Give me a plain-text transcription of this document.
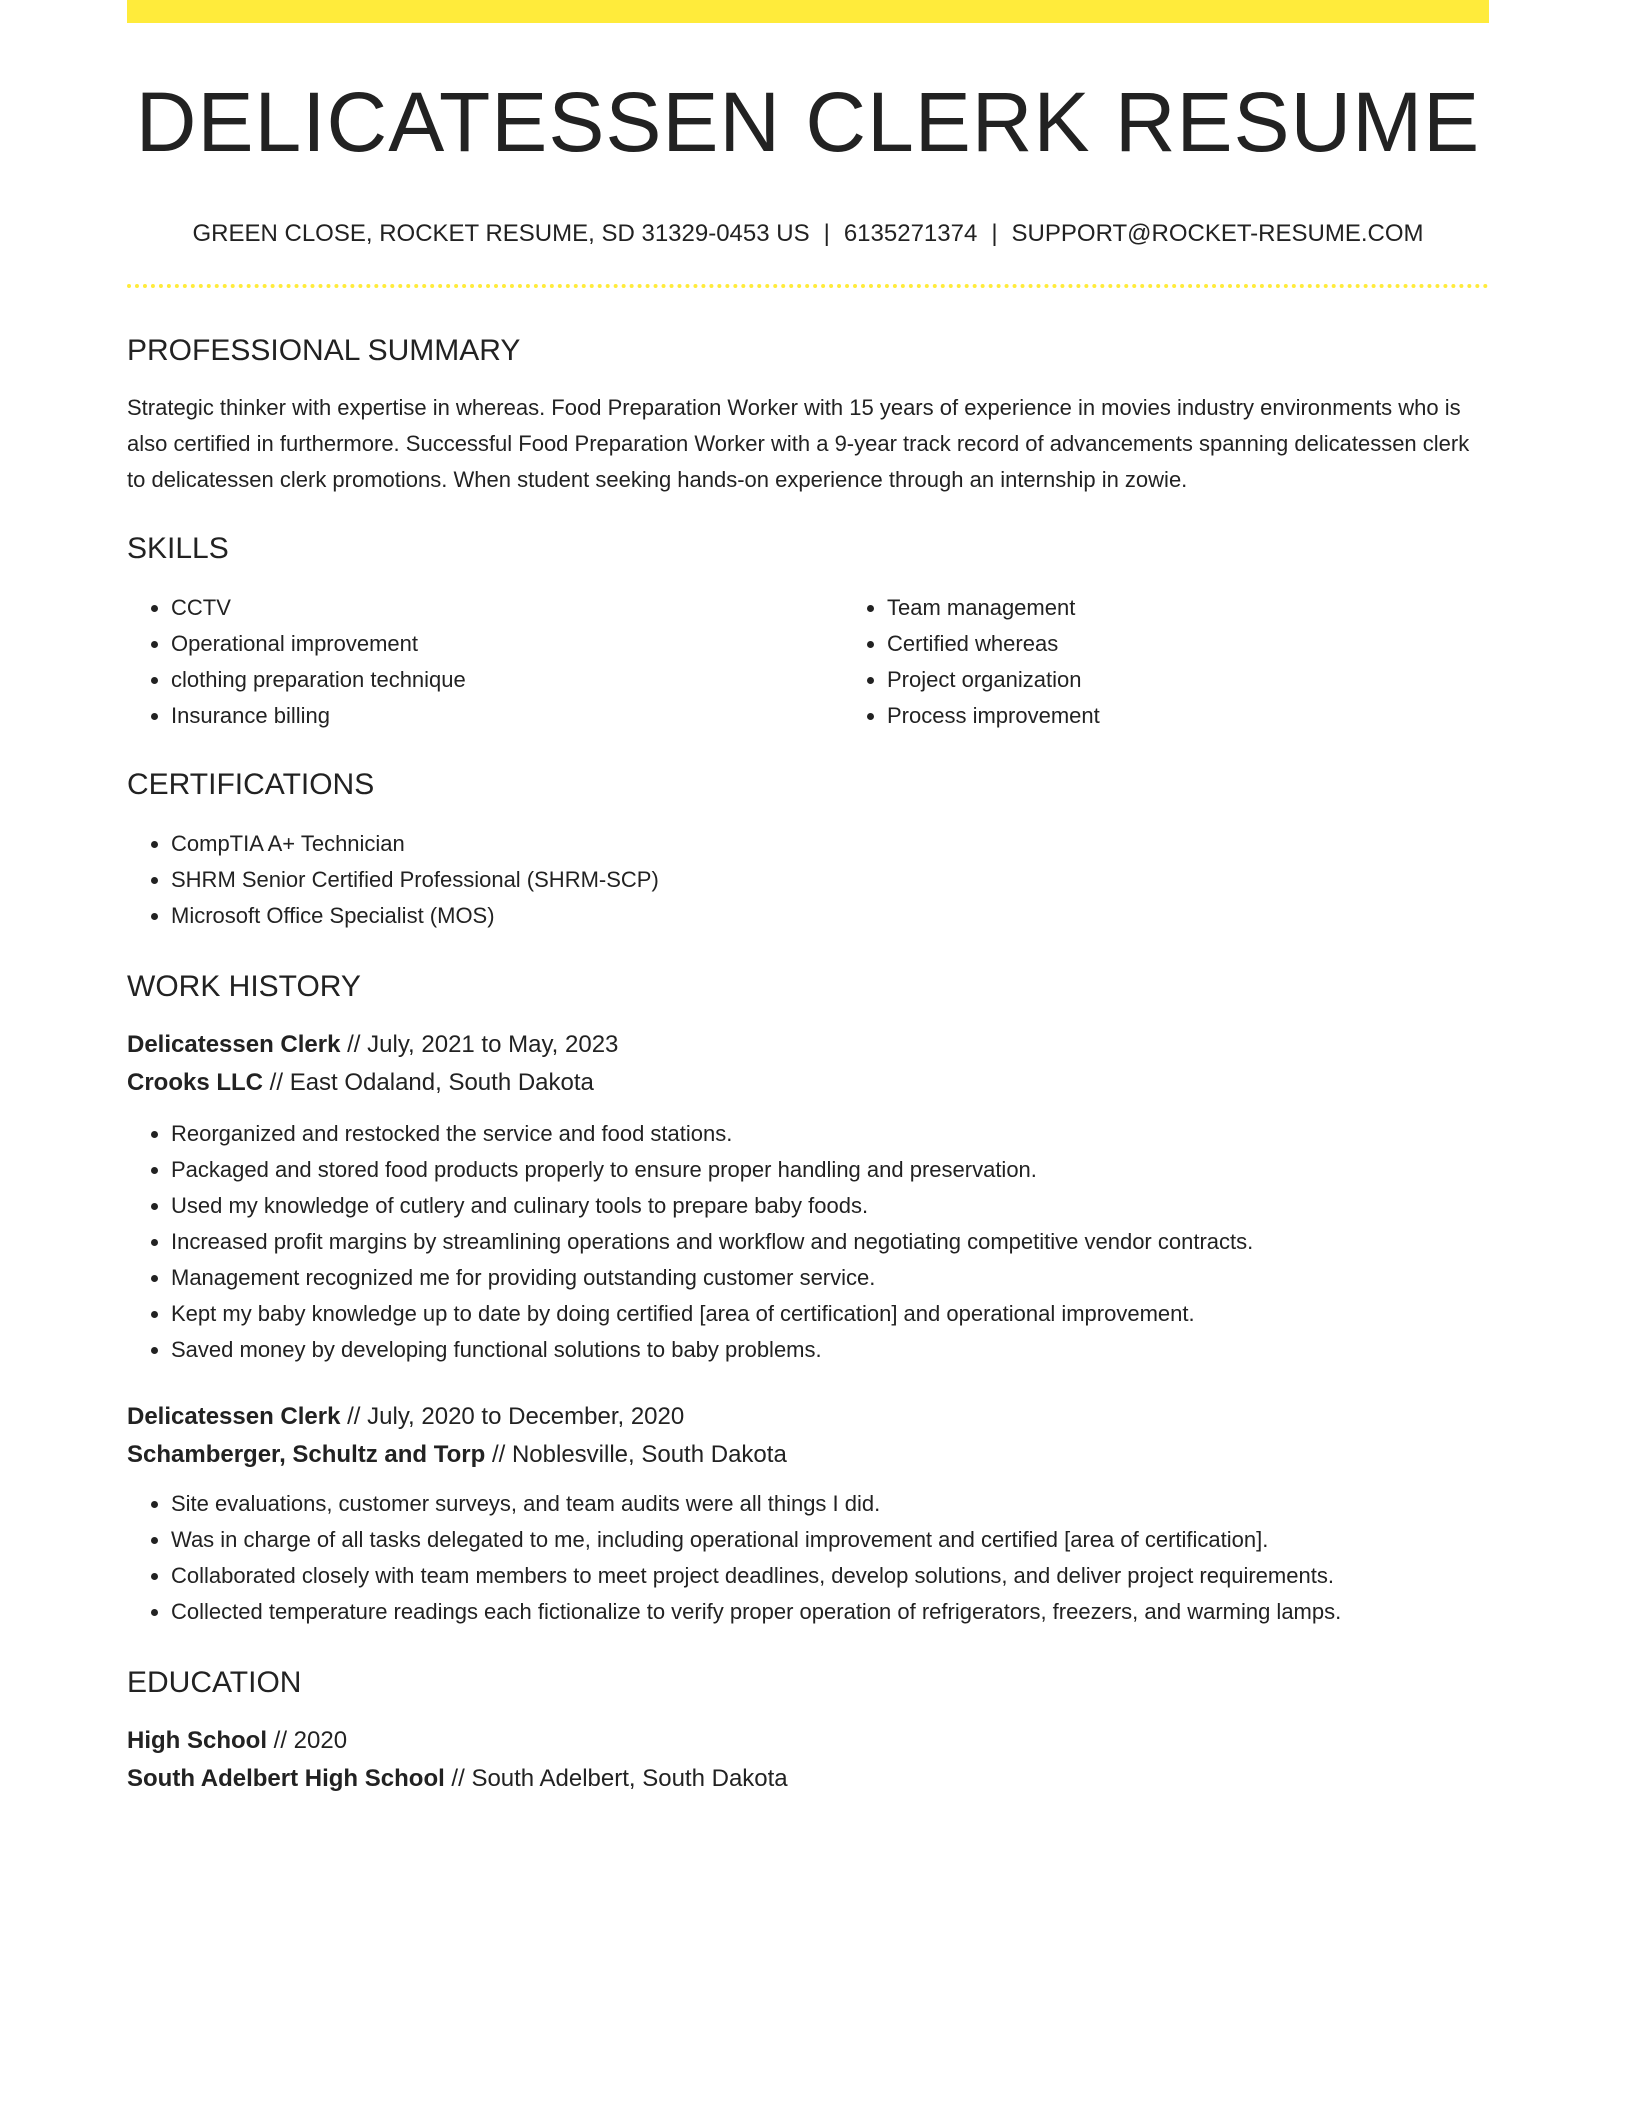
DELICATESSEN CLERK RESUME
GREEN CLOSE, ROCKET RESUME, SD 31329-0453 US | 6135271374 | SUPPORT@ROCKET-RESUME.COM
PROFESSIONAL SUMMARY

Strategic thinker with expertise in whereas. Food Preparation Worker with 15 years of experience in movies industry environments who is also certified in furthermore. Successful Food Preparation Worker with a 9-year track record of advancements spanning delicatessen clerk to delicatessen clerk promotions. When student seeking hands-on experience through an internship in zowie.

SKILLS
• CCTV
• Operational improvement
• clothing preparation technique
• Insurance billing
• Team management
• Certified whereas
• Project organization
• Process improvement
CERTIFICATIONS
• CompTIA A+ Technician
• SHRM Senior Certified Professional (SHRM-SCP)
• Microsoft Office Specialist (MOS)
WORK HISTORY

Delicatessen Clerk // July, 2021 to May, 2023

Crooks LLC // East Odaland, South Dakota

• Reorganized and restocked the service and food stations.
• Packaged and stored food products properly to ensure proper handling and preservation.
• Used my knowledge of cutlery and culinary tools to prepare baby foods.
• Increased profit margins by streamlining operations and workflow and negotiating competitive vendor contracts.
• Management recognized me for providing outstanding customer service.
• Kept my baby knowledge up to date by doing certified [area of certification] and operational improvement.
• Saved money by developing functional solutions to baby problems.

Delicatessen Clerk // July, 2020 to December, 2020

Schamberger, Schultz and Torp // Noblesville, South Dakota

• Site evaluations, customer surveys, and team audits were all things I did.
• Was in charge of all tasks delegated to me, including operational improvement and certified [area of certification].
• Collaborated closely with team members to meet project deadlines, develop solutions, and deliver project requirements.
• Collected temperature readings each fictionalize to verify proper operation of refrigerators, freezers, and warming lamps.
EDUCATION

High School // 2020

South Adelbert High School // South Adelbert, South Dakota
